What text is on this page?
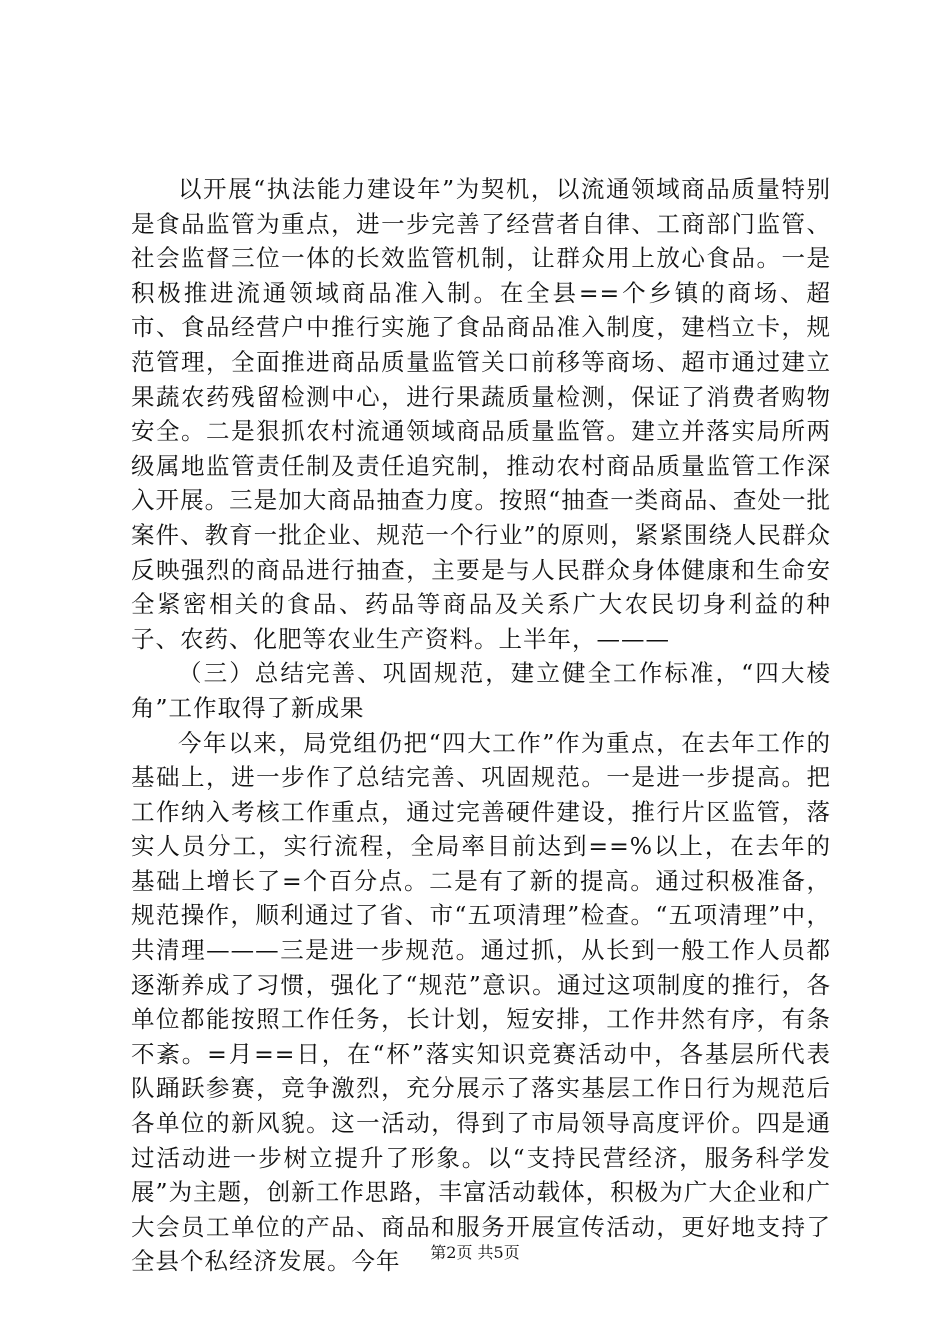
以开展“执法能力建设年”为契机，以流通领域商品质量特别是食品监管为重点，进一步完善了经营者自律、工商部门监管、社会监督三位一体的长效监管机制，让群众用上放心食品。一是积极推进流通领域商品准入制。在全县==个乡镇的商场、超市、食品经营户中推行实施了食品商品准入制度，建档立卡，规范管理，全面推进商品质量监管关口前移等商场、超市通过建立果蔬农药残留检测中心，进行果蔬质量检测，保证了消费者购物安全。二是狠抓农村流通领域商品质量监管。建立并落实局所两级属地监管责任制及责任追究制，推动农村商品质量监管工作深入开展。三是加大商品抽查力度。按照“抽查一类商品、查处一批案件、教育一批企业、规范一个行业”的原则，紧紧围绕人民群众反映强烈的商品进行抽查，主要是与人民群众身体健康和生命安全紧密相关的食品、药品等商品及关系广大农民切身利益的种子、农药、化肥等农业生产资料。上半年，———

（三）总结完善、巩固规范，建立健全工作标准，“四大棱角”工作取得了新成果

今年以来，局党组仍把“四大工作”作为重点，在去年工作的基础上，进一步作了总结完善、巩固规范。一是进一步提高。把工作纳入考核工作重点，通过完善硬件建设，推行片区监管，落实人员分工，实行流程，全局率目前达到==%以上，在去年的基础上增长了=个百分点。二是有了新的提高。通过积极准备，规范操作，顺利通过了省、市“五项清理”检查。“五项清理”中，共清理———三是进一步规范。通过抓，从长到一般工作人员都逐渐养成了习惯，强化了“规范”意识。通过这项制度的推行，各单位都能按照工作任务，长计划，短安排，工作井然有序，有条不紊。=月==日，在“杯”落实知识竞赛活动中，各基层所代表队踊跃参赛，竞争激烈，充分展示了落实基层工作日行为规范后各单位的新风貌。这一活动，得到了市局领导高度评价。四是通过活动进一步树立提升了形象。以“支持民营经济，服务科学发展”为主题，创新工作思路，丰富活动载体，积极为广大企业和广大会员工单位的产品、商品和服务开展宣传活动，更好地支持了全县个私经济发展。今年	第2页 共5页
